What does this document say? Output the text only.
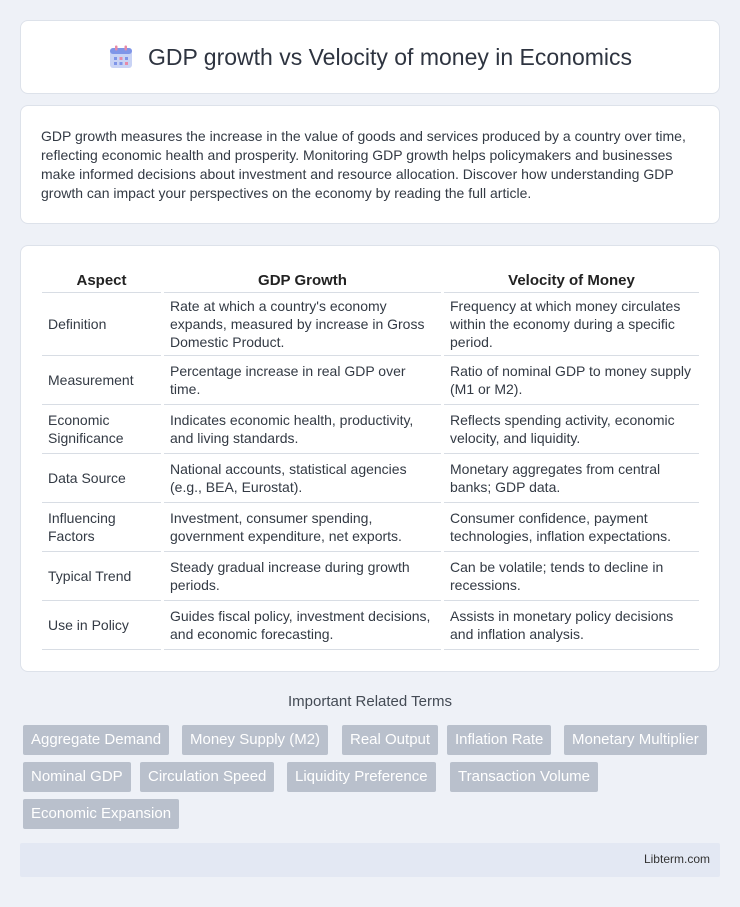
GDP growth vs Velocity of money in Economics

GDP growth measures the increase in the value of goods and services produced by a country over time, reflecting economic health and prosperity. Monitoring GDP growth helps policymakers and businesses make informed decisions about investment and resource allocation. Discover how understanding GDP growth can impact your perspectives on the economy by reading the full article.

Aspect		GDP Growth		Velocity of Money
Definition		Rate at which a country's economy expands, measured by increase in Gross Domestic Product.		Frequency at which money circulates within the economy during a specific period.
Measurement		Percentage increase in real GDP over time.		Ratio of nominal GDP to money supply (M1 or M2).
Economic Significance		Indicates economic health, productivity, and living standards.		Reflects spending activity, economic velocity, and liquidity.
Data Source		National accounts, statistical agencies (e.g., BEA, Eurostat).		Monetary aggregates from central banks; GDP data.
Influencing Factors		Investment, consumer spending, government expenditure, net exports.		Consumer confidence, payment technologies, inflation expectations.
Typical Trend		Steady gradual increase during growth periods.		Can be volatile; tends to decline in recessions.
Use in Policy		Guides fiscal policy, investment decisions, and economic forecasting.		Assists in monetary policy decisions and inflation analysis.
Important Related Terms
Aggregate Demand	Money Supply (M2)	Real Output	Inflation Rate	Monetary Multiplier
Nominal GDP	Circulation Speed	Liquidity Preference	Transaction Volume
Economic Expansion
Libterm.com
